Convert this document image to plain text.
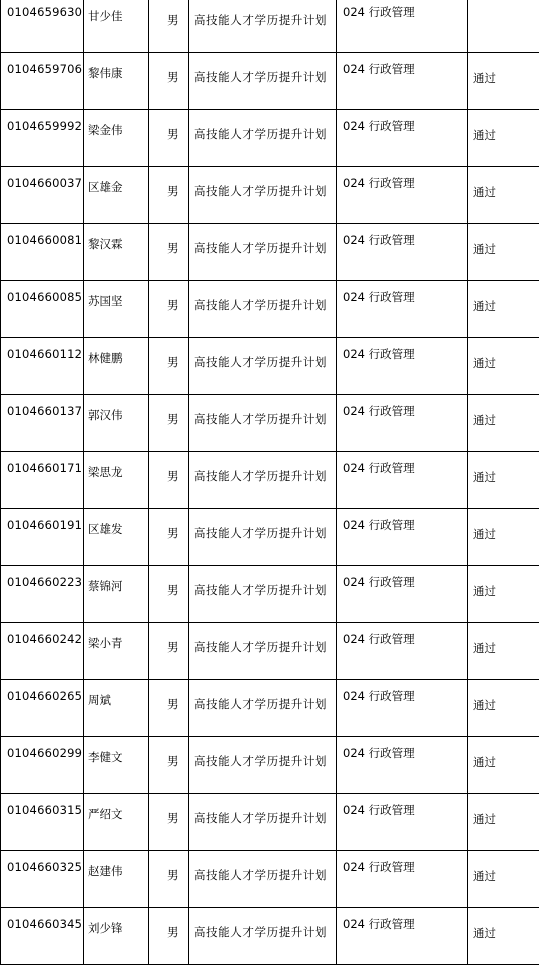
0104659630	甘少佳	男	高技能人才学历提升计划	024 行政管理	
0104659706	黎伟康	男	高技能人才学历提升计划	024 行政管理	通过
0104659992	梁金伟	男	高技能人才学历提升计划	024 行政管理	通过
0104660037	区雄金	男	高技能人才学历提升计划	024 行政管理	通过
0104660081	黎汉霖	男	高技能人才学历提升计划	024 行政管理	通过
0104660085	苏国坚	男	高技能人才学历提升计划	024 行政管理	通过
0104660112	林健鹏	男	高技能人才学历提升计划	024 行政管理	通过
0104660137	郭汉伟	男	高技能人才学历提升计划	024 行政管理	通过
0104660171	梁思龙	男	高技能人才学历提升计划	024 行政管理	通过
0104660191	区雄发	男	高技能人才学历提升计划	024 行政管理	通过
0104660223	蔡锦河	男	高技能人才学历提升计划	024 行政管理	通过
0104660242	梁小青	男	高技能人才学历提升计划	024 行政管理	通过
0104660265	周斌	男	高技能人才学历提升计划	024 行政管理	通过
0104660299	李健文	男	高技能人才学历提升计划	024 行政管理	通过
0104660315	严绍文	男	高技能人才学历提升计划	024 行政管理	通过
0104660325	赵建伟	男	高技能人才学历提升计划	024 行政管理	通过
0104660345	刘少锋	男	高技能人才学历提升计划	024 行政管理	通过
